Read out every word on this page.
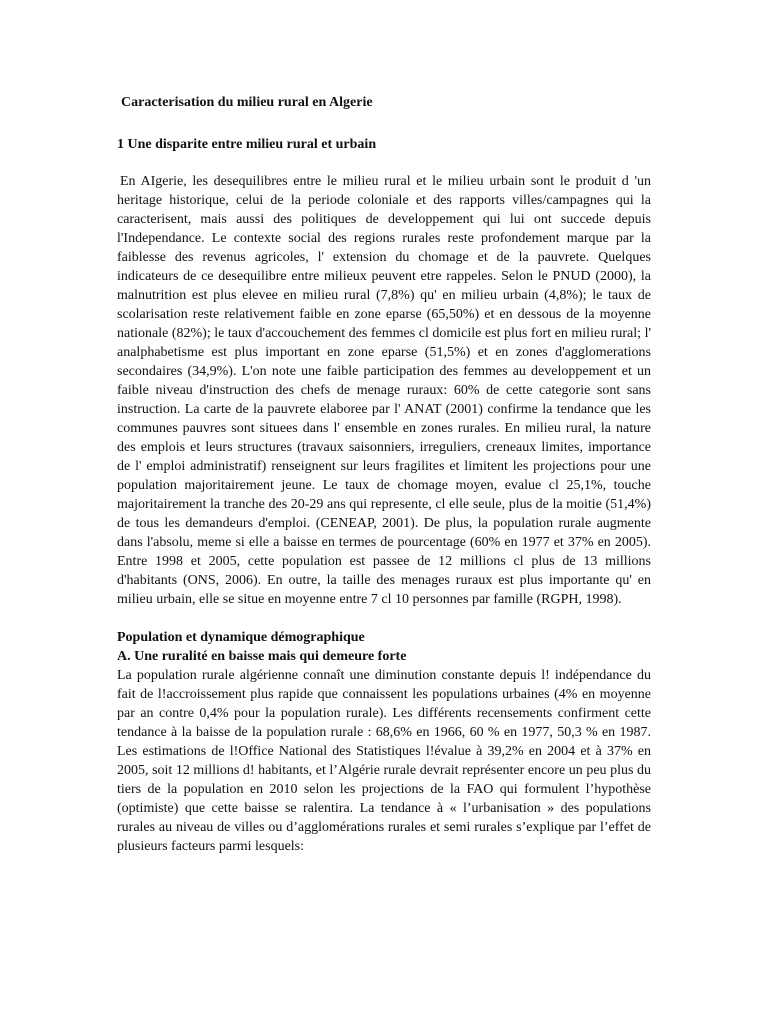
Caracterisation du milieu rural en Algerie
1 Une disparite entre milieu rural et urbain

En AIgerie, les desequilibres entre le milieu rural et le milieu urbain sont le produit d 'un heritage historique, celui de la periode coloniale et des rapports villes/campagnes qui la caracterisent, mais aussi des politiques de developpement qui lui ont succede depuis l'Independance. Le contexte social des regions rurales reste profondement marque par la faiblesse des revenus agricoles, l' extension du chomage et de la pauvrete. Quelques indicateurs de ce desequilibre entre milieux peuvent etre rappeles. Selon le PNUD (2000), la malnutrition est plus elevee en milieu rural (7,8%) qu' en milieu urbain (4,8%); le taux de scolarisation reste relativement faible en zone eparse (65,50%) et en dessous de la moyenne nationale (82%); le taux d'accouchement des femmes cl domicile est plus fort en milieu rural; l' analphabetisme est plus important en zone eparse (51,5%) et en zones d'agglomerations secondaires (34,9%). L'on note une faible participation des femmes au developpement et un faible niveau d'instruction des chefs de menage ruraux: 60% de cette categorie sont sans instruction. La carte de la pauvrete elaboree par l' ANAT (2001) confirme la tendance que les communes pauvres sont situees dans l' ensemble en zones rurales. En milieu rural, la nature des emplois et leurs structures (travaux saisonniers, irreguliers, creneaux limites, importance de l' emploi administratif) renseignent sur leurs fragilites et limitent les projections pour une population majoritairement jeune. Le taux de chomage moyen, evalue cl 25,1%, touche majoritairement la tranche des 20-29 ans qui represente, cl elle seule, plus de la moitie (51,4%) de tous les demandeurs d'emploi. (CENEAP, 2001). De plus, la population rurale augmente dans l'absolu, meme si elle a baisse en termes de pourcentage (60% en 1977 et 37% en 2005). Entre 1998 et 2005, cette population est passee de 12 millions cl plus de 13 millions d'habitants (ONS, 2006). En outre, la taille des menages ruraux est plus importante qu' en milieu urbain, elle se situe en moyenne entre 7 cl 10 personnes par famille (RGPH, 1998).

Population et dynamique démographique
A. Une ruralité en baisse mais qui demeure forte

La population rurale algérienne connaît une diminution constante depuis l! indépendance du fait de l!accroissement plus rapide que connaissent les populations urbaines (4% en moyenne par an contre 0,4% pour la population rurale). Les différents recensements confirment cette tendance à la baisse de la population rurale : 68,6% en 1966, 60 % en 1977, 50,3 % en 1987. Les estimations de l!Office National des Statistiques l!évalue à 39,2% en 2004 et à 37% en 2005, soit 12 millions d! habitants, et l’Algérie rurale devrait représenter encore un peu plus du tiers de la population en 2010 selon les projections de la FAO qui formulent l’hypothèse (optimiste) que cette baisse se ralentira. La tendance à « l’urbanisation » des populations rurales au niveau de villes ou d’agglomérations rurales et semi rurales s’explique par l’effet de plusieurs facteurs parmi lesquels:
